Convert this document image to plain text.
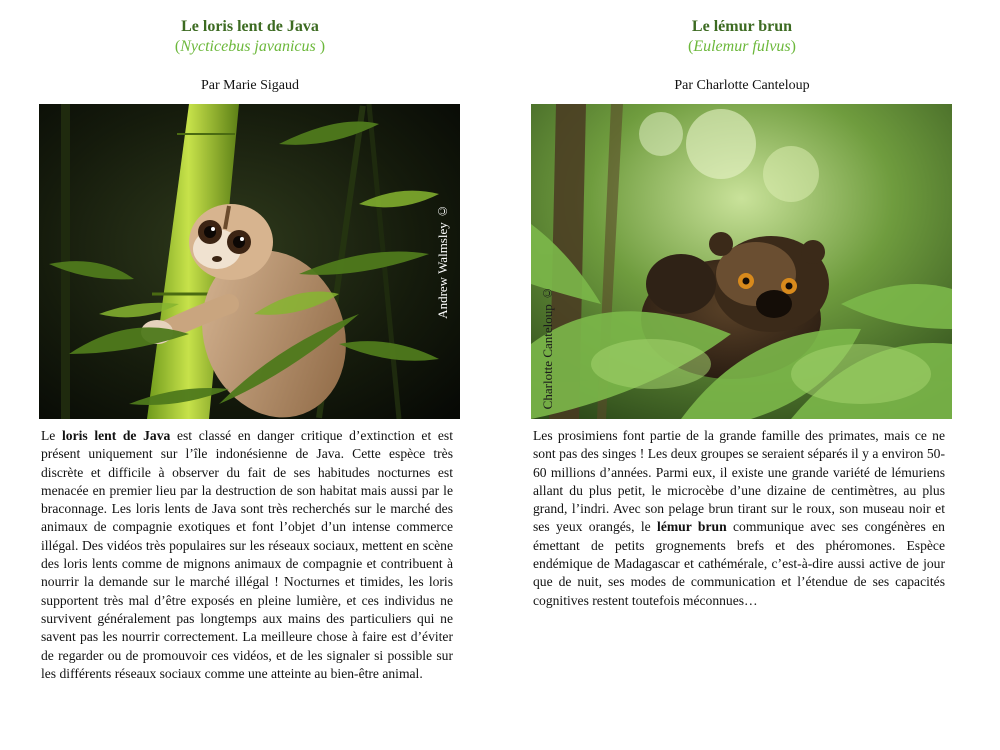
Le loris lent de Java
(Nycticebus javanicus )
Par Marie Sigaud
Andrew Walmsley ©
Le loris lent de Java est classé en danger critique d’extinction et est présent uniquement sur l’île indonésienne de Java. Cette espèce très discrète et difficile à observer du fait de ses habitudes nocturnes est menacée en premier lieu par la destruction de son habitat mais aussi par le braconnage. Les loris lents de Java sont très recherchés sur le marché des animaux de compagnie exotiques et font l’objet d’un intense commerce illégal. Des vidéos très populaires sur les réseaux sociaux, mettent en scène des loris lents comme de mignons animaux de compagnie et contribuent à nourrir la demande sur le marché illégal ! Nocturnes et timides, les loris supportent très mal d’être exposés en pleine lumière, et ces individus ne survivent généralement pas longtemps aux mains des particuliers qui ne savent pas les nourrir correctement. La meilleure chose à faire est d’éviter de regarder ou de promouvoir ces vidéos, et de les signaler si possible sur les différents réseaux sociaux comme une atteinte au bien-être animal.
Le lémur brun
(Eulemur fulvus)
Par Charlotte Canteloup
Charlotte Canteloup ©
Les prosimiens font partie de la grande famille des primates, mais ce ne sont pas des singes ! Les deux groupes se seraient séparés il y a environ 50-60 millions d’années. Parmi eux, il existe une grande variété de lémuriens allant du plus petit, le microcèbe d’une dizaine de centimètres, au plus grand, l’indri. Avec son pelage brun tirant sur le roux, son museau noir et ses yeux orangés, le lémur brun communique avec ses congénères en émettant de petits grognements brefs et des phéromones. Espèce endémique de Madagascar et cathémérale, c’est-à-dire aussi active de jour que de nuit, ses modes de communication et l’étendue de ses capacités cognitives restent toutefois méconnues…
